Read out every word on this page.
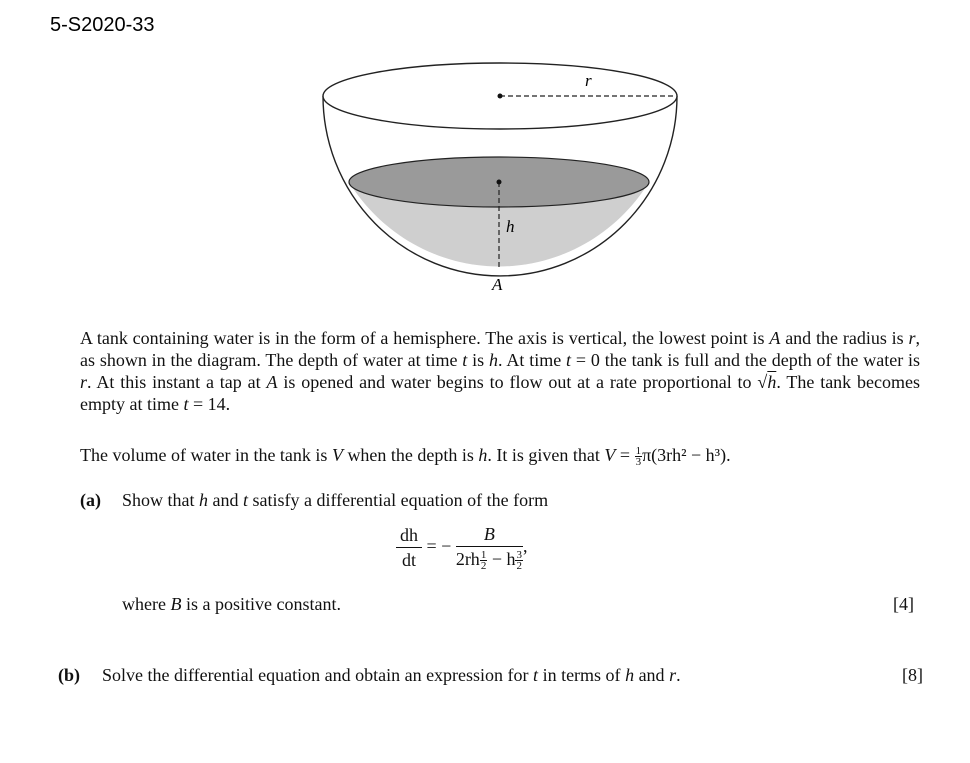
5-S2020-33
r
h
A
A tank containing water is in the form of a hemisphere. The axis is vertical, the lowest point is A and the radius is r, as shown in the diagram. The depth of water at time t is h. At time t = 0 the tank is full and the depth of the water is r. At this instant a tap at A is opened and water begins to flow out at a rate proportional to √h. The tank becomes empty at time t = 14.
The volume of water in the tank is V when the depth is h. It is given that $V = \frac{1}{3} \pi(3rh^2 - h^3)$.
(a) Show that h and t satisfy a differential equation of the form
$\frac{dh}{dt}$ = − $\frac{B}{2rh \frac{1}{2} - h \frac{3}{2}}$ ,
where B is a positive constant.	[4]
(b) Solve the differential equation and obtain an expression for t in terms of h and r.	[8]
